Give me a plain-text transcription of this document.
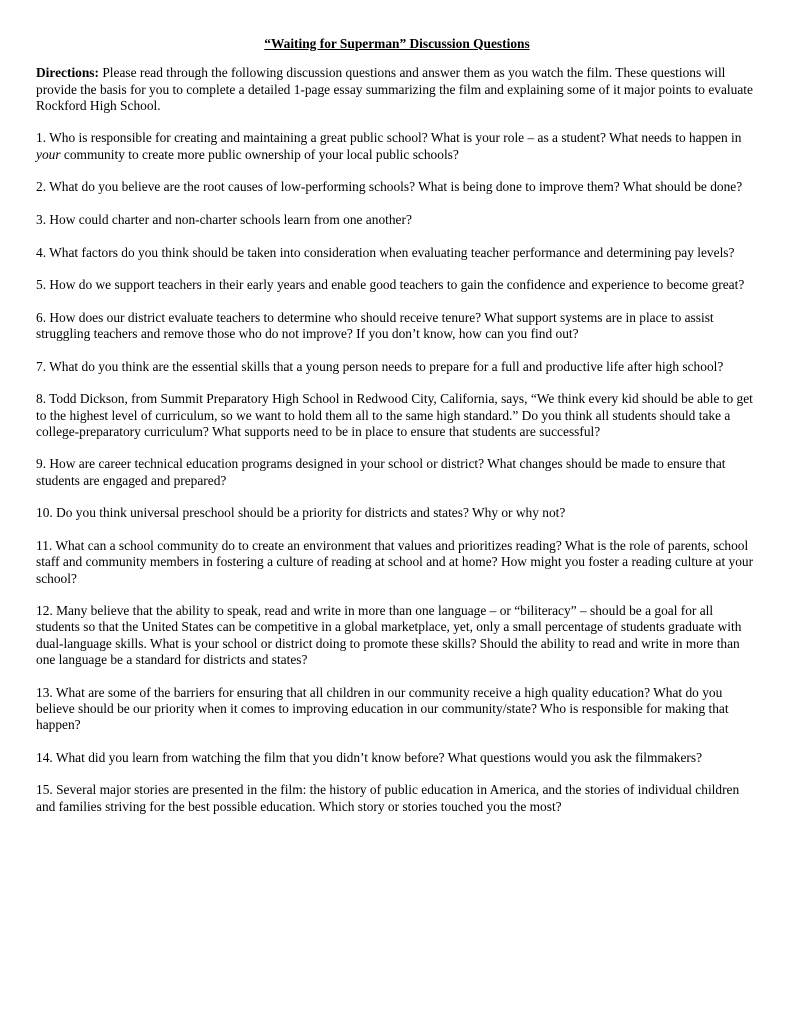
“Waiting for Superman” Discussion Questions

Directions: Please read through the following discussion questions and answer them as you watch the film. These questions will provide the basis for you to complete a detailed 1-page essay summarizing the film and explaining some of it major points to evaluate Rockford High School.

1. Who is responsible for creating and maintaining a great public school? What is your role – as a student? What needs to happen in your community to create more public ownership of your local public schools?

2. What do you believe are the root causes of low-performing schools? What is being done to improve them? What should be done?

3. How could charter and non-charter schools learn from one another?

4. What factors do you think should be taken into consideration when evaluating teacher performance and determining pay levels?

5. How do we support teachers in their early years and enable good teachers to gain the confidence and experience to become great?

6. How does our district evaluate teachers to determine who should receive tenure? What support systems are in place to assist struggling teachers and remove those who do not improve? If you don’t know, how can you find out?

7. What do you think are the essential skills that a young person needs to prepare for a full and productive life after high school?

8. Todd Dickson, from Summit Preparatory High School in Redwood City, California, says, “We think every kid should be able to get to the highest level of curriculum, so we want to hold them all to the same high standard.” Do you think all students should take a college-preparatory curriculum? What supports need to be in place to ensure that students are successful?

9. How are career technical education programs designed in your school or district? What changes should be made to ensure that students are engaged and prepared?

10. Do you think universal preschool should be a priority for districts and states? Why or why not?

11. What can a school community do to create an environment that values and prioritizes reading? What is the role of parents, school staff and community members in fostering a culture of reading at school and at home? How might you foster a reading culture at your school?

12. Many believe that the ability to speak, read and write in more than one language – or “biliteracy” – should be a goal for all students so that the United States can be competitive in a global marketplace, yet, only a small percentage of students graduate with dual-language skills. What is your school or district doing to promote these skills? Should the ability to read and write in more than one language be a standard for districts and states?

13. What are some of the barriers for ensuring that all children in our community receive a high quality education? What do you believe should be our priority when it comes to improving education in our community/state? Who is responsible for making that happen?

14. What did you learn from watching the film that you didn’t know before? What questions would you ask the filmmakers?

15. Several major stories are presented in the film: the history of public education in America, and the stories of individual children and families striving for the best possible education. Which story or stories touched you the most?
